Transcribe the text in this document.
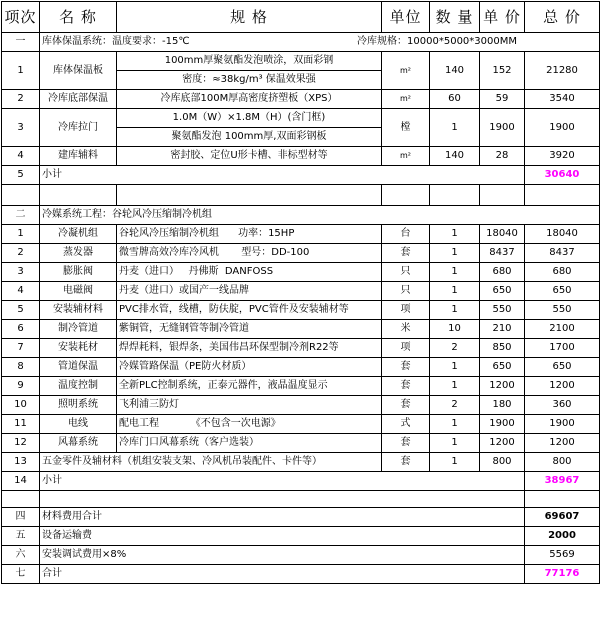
项次	名 称	规 格	单位	数 量	单 价	总 价
一	库体保温系统：温度要求：-15℃ 冷库规格：10000*5000*3000MM					

1	库体保温板	100mm厚聚氨酯发泡喷涂，双面彩钢	m²	140	152	21280
		密度：≈38kg/m³ 保温效果强				
2	冷库底部保温	冷库底部100M厚高密度挤塑板（XPS）	m²	60	59	3540
3	冷库拉门	1.0M（W）×1.8M（H）(含门框)	樘	1	1900	1900
		聚氨酯发泡 100mm厚,双面彩钢板				
4	建库辅料	密封胶、定位U形卡槽、非标型材等	m²	140	28	3920
5	小计					30640

二	冷媒系统工程：谷轮风冷压缩制冷机组					
1	冷凝机组	谷轮风冷压缩制冷机组      功率：15HP	台	1	18040	18040
2	蒸发器	微雪牌高效冷库冷风机       型号：DD-100	套	1	8437	8437
3	膨胀阀	丹麦（进口）   丹佛斯  DANFOSS	只	1	680	680
4	电磁阀	丹麦（进口）或国产一线品牌	只	1	650	650
5	安装辅材料	PVC排水管，线槽，防伕腚，PVC管件及安装辅材等	项	1	550	550
6	制冷管道	紫铜管，无缝钢管等制冷管道	米	10	210	2100
7	安装耗材	焊焊耗料，银焊条，美国伟昌环保型制冷剂R22等	项	2	850	1700
8	管道保温	冷媒管路保温（PE防火材质）	套	1	650	650
9	温度控制	全新PLC控制系统，正泰元器件，液晶温度显示	套	1	1200	1200
10	照明系统	飞利浦三防灯	套	2	180	360
11	电线	配电工程          《不包含一次电源》	式	1	1900	1900
12	风幕系统	冷库门口风幕系统（客户选装）	套	1	1200	1200
13	五金零件及辅材料（机组安装支架、冷风机吊装配件、卡件等）		套	1	800	800
14	小计					38967

四	材料费用合计					69607
五	设备运输费					2000
六	安装调试费用×8%					5569
七	合计					77176
